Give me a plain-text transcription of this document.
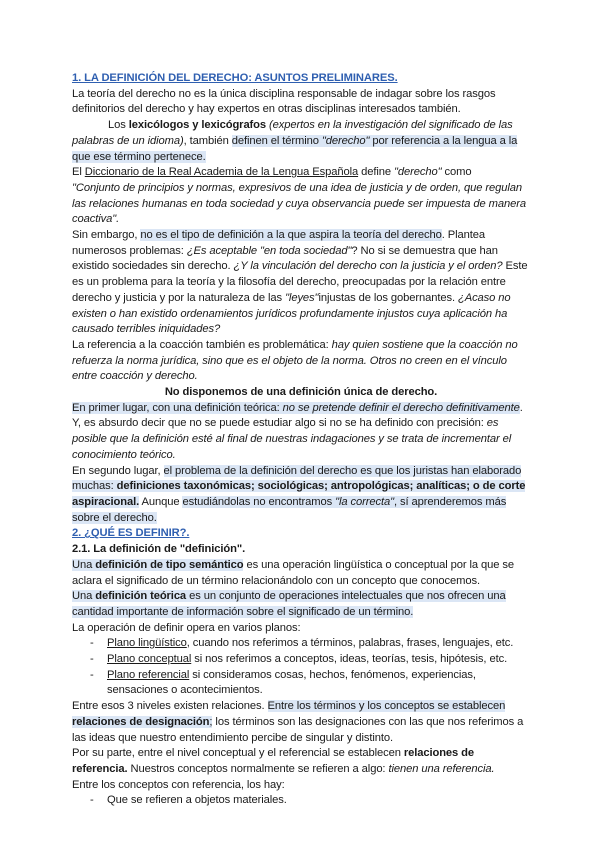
1. LA DEFINICIÓN DEL DERECHO: ASUNTOS PRELIMINARES.

La teoría del derecho no es la única disciplina responsable de indagar sobre los rasgos definitorios del derecho y hay expertos en otras disciplinas interesados también.

Los lexicólogos y lexicógrafos (expertos en la investigación del significado de las palabras de un idioma), también definen el término "derecho" por referencia a la lengua a la que ese término pertenece.

El Diccionario de la Real Academia de la Lengua Española define "derecho" como
"Conjunto de principios y normas, expresivos de una idea de justicia y de orden, que regulan las relaciones humanas en toda sociedad y cuya observancia puede ser impuesta de manera coactiva".

Sin embargo, no es el tipo de definición a la que aspira la teoría del derecho. Plantea numerosos problemas: ¿Es aceptable "en toda sociedad"? No si se demuestra que han existido sociedades sin derecho. ¿Y la vinculación del derecho con la justicia y el orden? Este es un problema para la teoría y la filosofía del derecho, preocupadas por la relación entre derecho y justicia y por la naturaleza de las "leyes"injustas de los gobernantes. ¿Acaso no existen o han existido ordenamientos jurídicos profundamente injustos cuya aplicación ha causado terribles iniquidades?

La referencia a la coacción también es problemática: hay quien sostiene que la coacción no refuerza la norma jurídica, sino que es el objeto de la norma. Otros no creen en el vínculo entre coacción y derecho.

No disponemos de una definición única de derecho.

En primer lugar, con una definición teórica: no se pretende definir el derecho definitivamente. Y, es absurdo decir que no se puede estudiar algo si no se ha definido con precisión: es posible que la definición esté al final de nuestras indagaciones y se trata de incrementar el conocimiento teórico.

En segundo lugar, el problema de la definición del derecho es que los juristas han elaborado muchas: definiciones taxonómicas; sociológicas; antropológicas; analíticas; o de corte aspiracional. Aunque estudiándolas no encontramos "la correcta", sí aprenderemos más sobre el derecho.

2. ¿QUÉ ES DEFINIR?.

2.1. La definición de "definición".

Una definición de tipo semántico es una operación lingüística o conceptual por la que se aclara el significado de un término relacionándolo con un concepto que conocemos.

Una definición teórica es un conjunto de operaciones intelectuales que nos ofrecen una cantidad importante de información sobre el significado de un término.

La operación de definir opera en varios planos:

- Plano lingüístico, cuando nos referimos a términos, palabras, frases, lenguajes, etc.
- Plano conceptual si nos referimos a conceptos, ideas, teorías, tesis, hipótesis, etc.
- Plano referencial si consideramos cosas, hechos, fenómenos, experiencias, sensaciones o acontecimientos.

Entre esos 3 niveles existen relaciones. Entre los términos y los conceptos se establecen relaciones de designación; los términos son las designaciones con las que nos referimos a las ideas que nuestro entendimiento percibe de singular y distinto.

Por su parte, entre el nivel conceptual y el referencial se establecen relaciones de referencia. Nuestros conceptos normalmente se refieren a algo: tienen una referencia.

Entre los conceptos con referencia, los hay:

- Que se refieren a objetos materiales.
